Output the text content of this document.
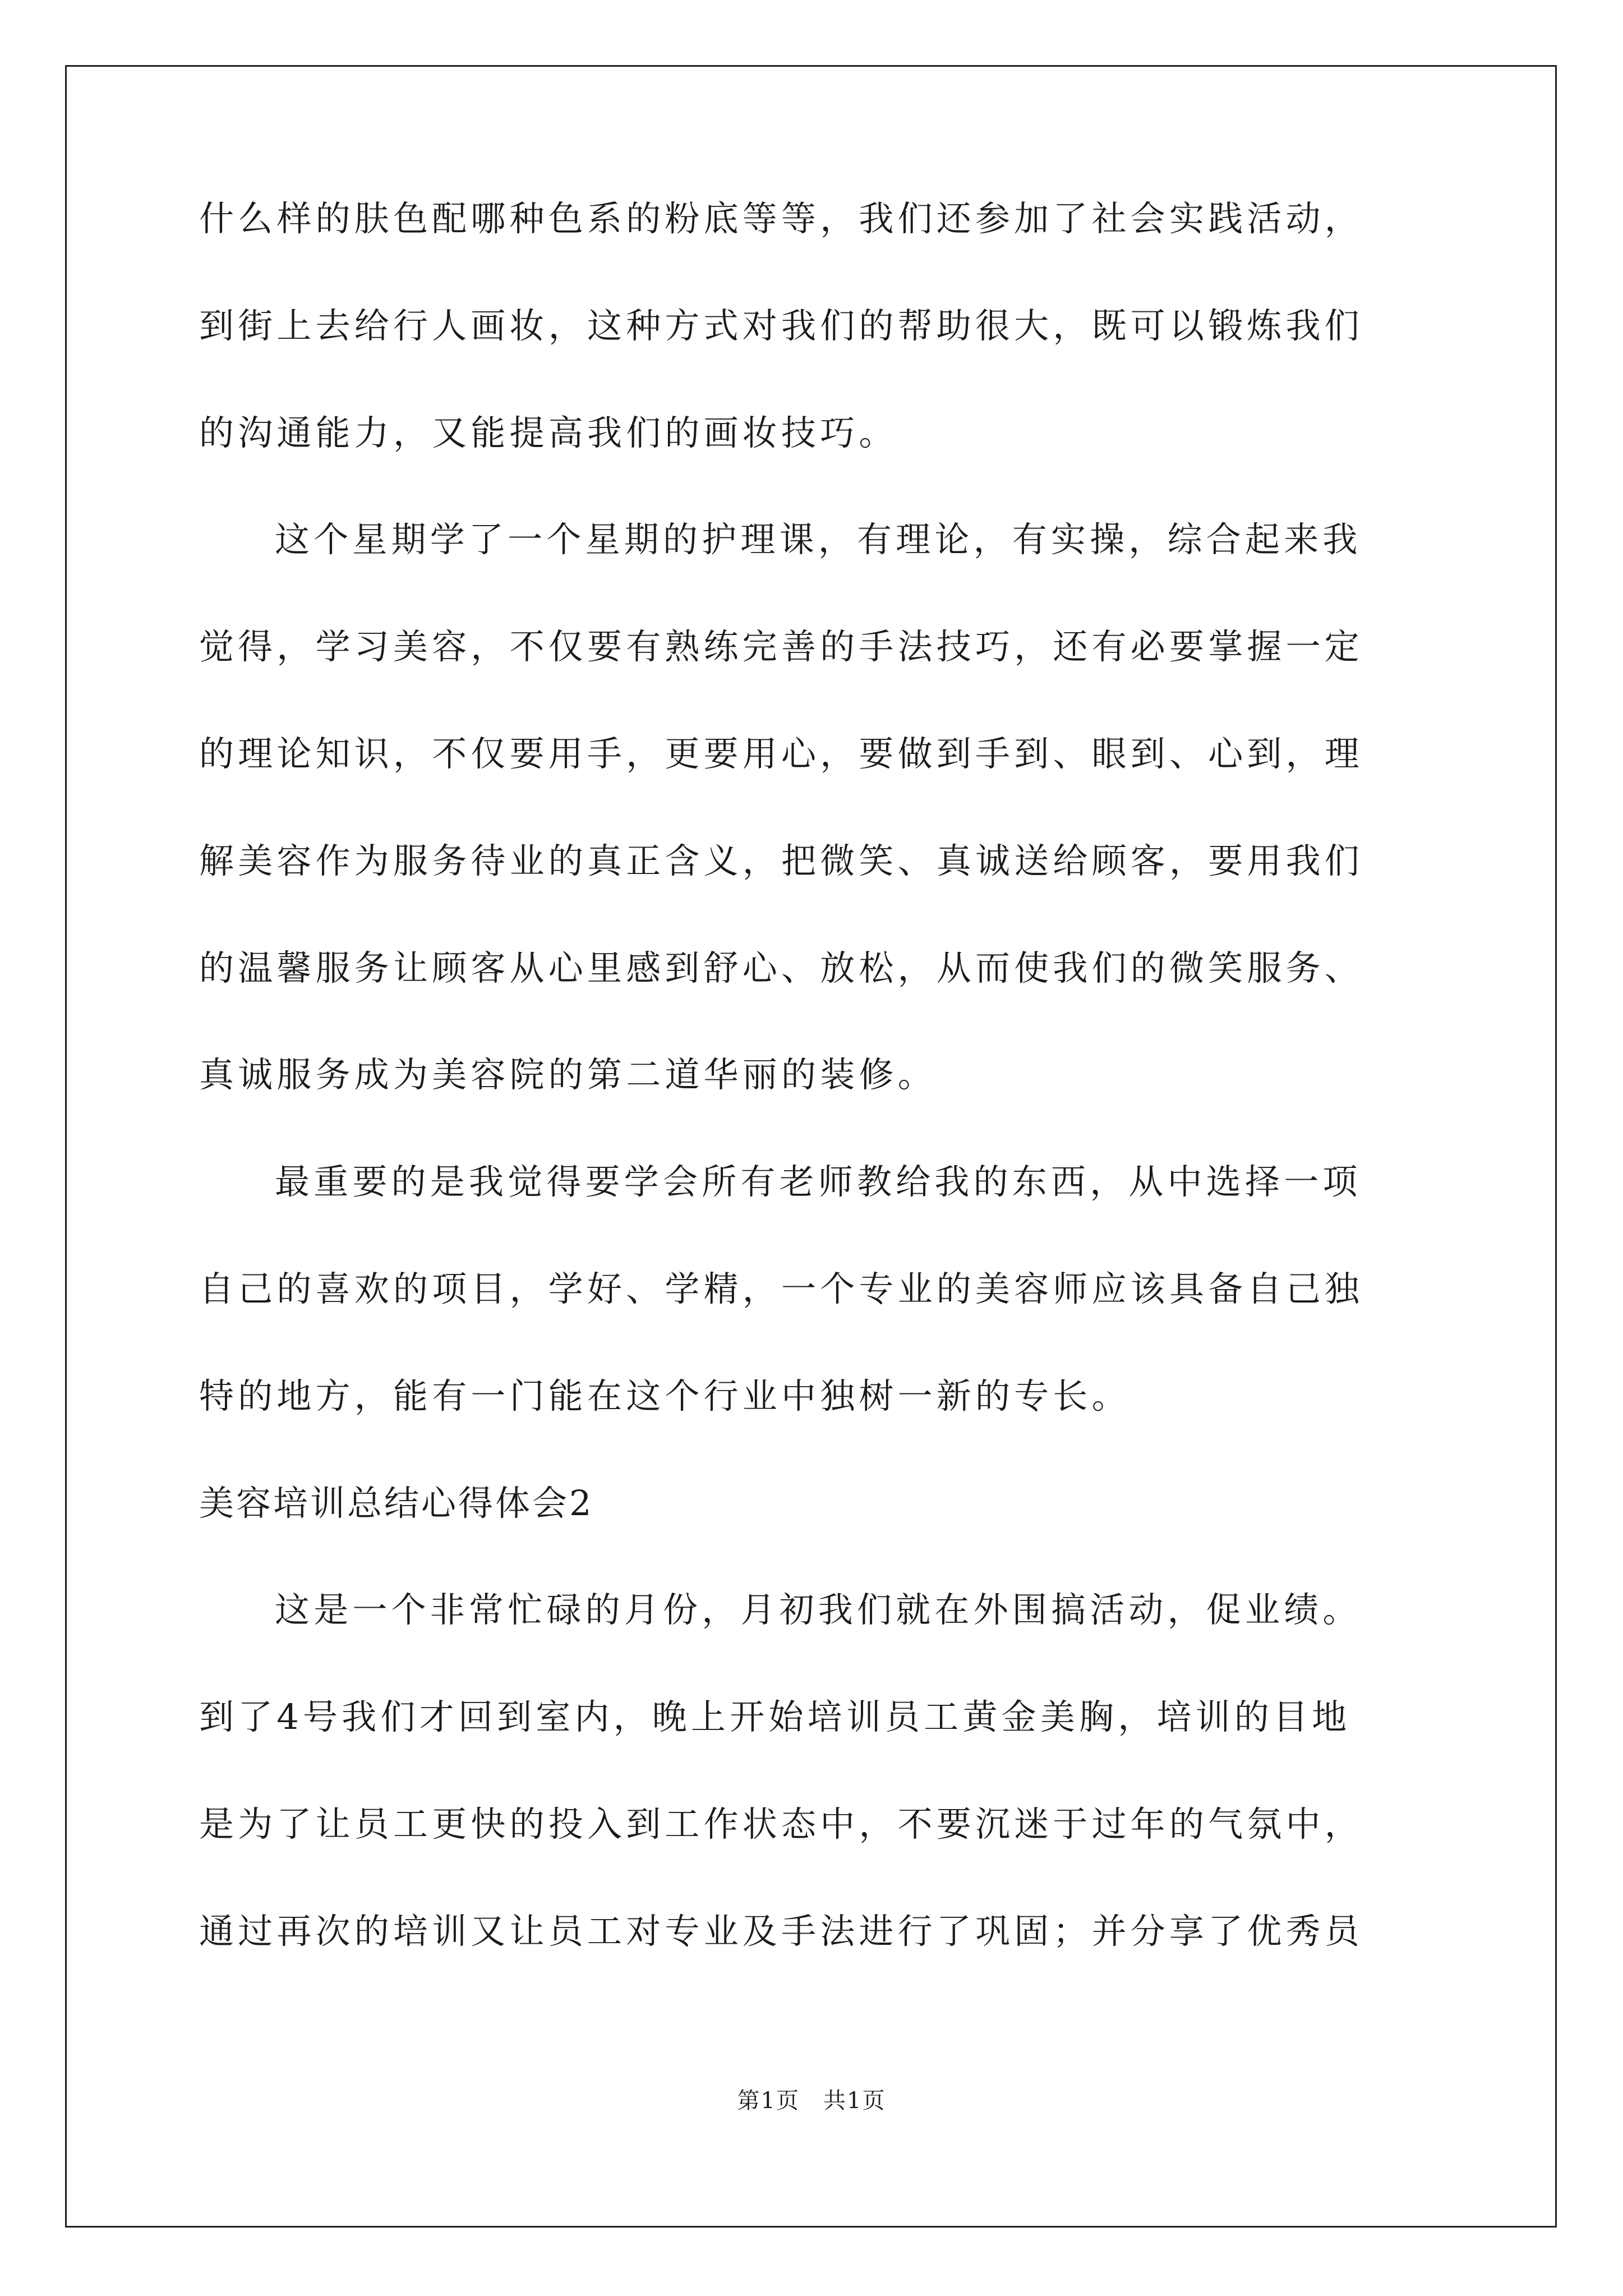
什么样的肤色配哪种色系的粉底等等，我们还参加了社会实践活动，
到街上去给行人画妆，这种方式对我们的帮助很大，既可以锻炼我们
的沟通能力，又能提高我们的画妆技巧。
这个星期学了一个星期的护理课，有理论，有实操，综合起来我
觉得，学习美容，不仅要有熟练完善的手法技巧，还有必要掌握一定
的理论知识，不仅要用手，更要用心，要做到手到、眼到、心到，理
解美容作为服务待业的真正含义，把微笑、真诚送给顾客，要用我们
的温馨服务让顾客从心里感到舒心、放松，从而使我们的微笑服务、
真诚服务成为美容院的第二道华丽的装修。
最重要的是我觉得要学会所有老师教给我的东西，从中选择一项
自己的喜欢的项目，学好、学精，一个专业的美容师应该具备自己独
特的地方，能有一门能在这个行业中独树一新的专长。
美容培训总结心得体会2
这是一个非常忙碌的月份，月初我们就在外围搞活动，促业绩。
到了4号我们才回到室内，晚上开始培训员工黄金美胸，培训的目地
是为了让员工更快的投入到工作状态中，不要沉迷于过年的气氛中，
通过再次的培训又让员工对专业及手法进行了巩固；并分享了优秀员
第1页　共1页
